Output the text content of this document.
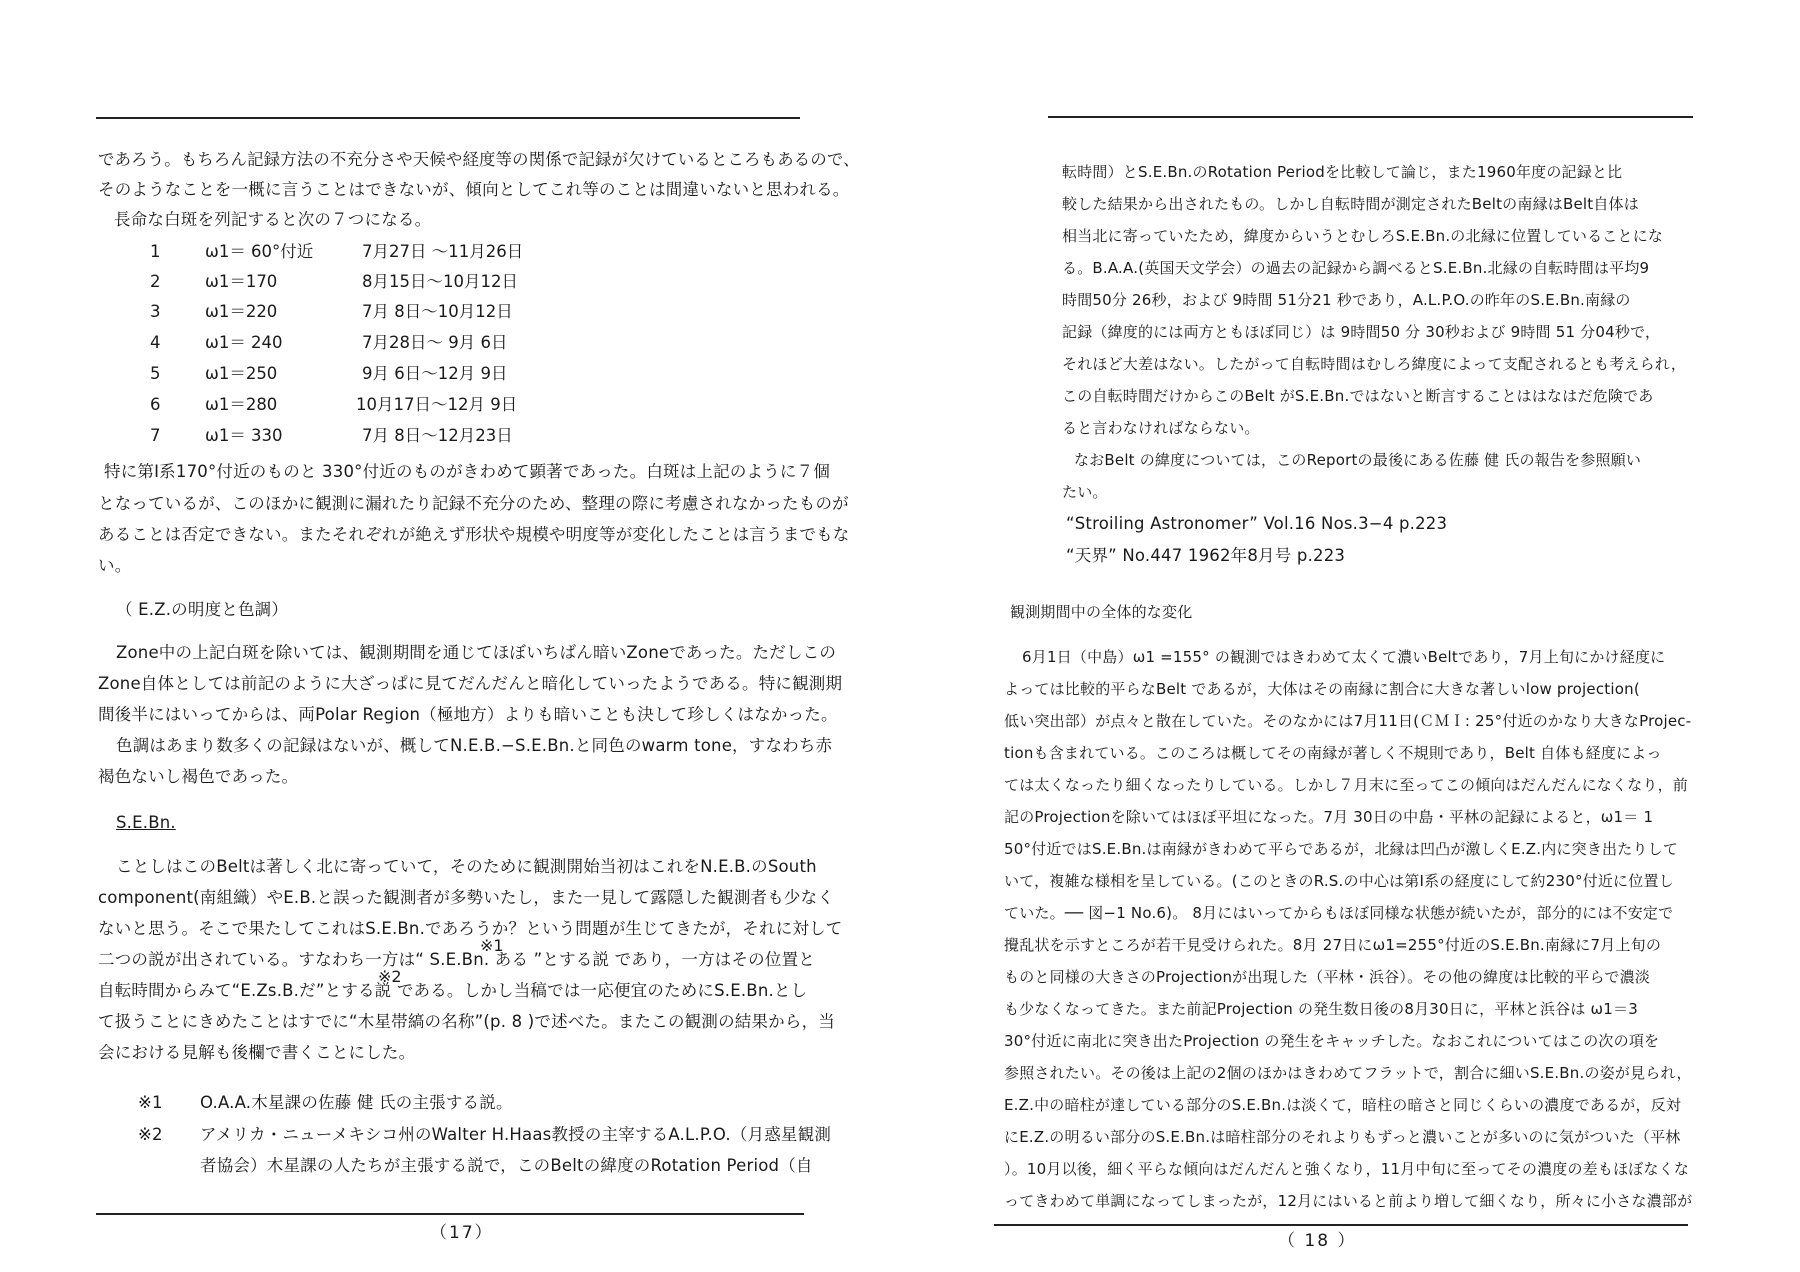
であろう。もちろん記録方法の不充分さや天候や経度等の関係で記録が欠けているところもあるので、
そのようなことを一概に言うことはできないが、傾向としてこれ等のことは間違いないと思われる。
長命な白斑を列記すると次の７つになる。
1	ω1＝ 60°付近	7月27日 〜11月26日
2	ω1＝170	8月15日〜10月12日
3	ω1＝220	7月 8日〜10月12日
4	ω1＝ 240	7月28日〜 9月 6日
5	ω1＝250	9月 6日〜12月 9日
6	ω1＝280	10月17日〜12月 9日
7	ω1＝ 330	7月 8日〜12月23日
特に第Ⅰ系170°付近のものと 330°付近のものがきわめて顕著であった。白斑は上記のように７個
となっているが、このほかに観測に漏れたり記録不充分のため、整理の際に考慮されなかったものが
あることは否定できない。またそれぞれが絶えず形状や規模や明度等が変化したことは言うまでもな
い。
（ E.Z.の明度と色調）
Zone中の上記白斑を除いては、観測期間を通じてほぼいちばん暗いZoneであった。ただしこの
Zone自体としては前記のように大ざっぱに見てだんだんと暗化していったようである。特に観測期
間後半にはいってからは、両Polar Region（極地方）よりも暗いことも決して珍しくはなかった。
色調はあまり数多くの記録はないが、概してN.E.B.−S.E.Bn.と同色のwarm tone，すなわち赤
褐色ないし褐色であった。
S.E.Bn.
ことしはこのBeltは著しく北に寄っていて，そのために観測開始当初はこれをN.E.B.のSouth
component(南組織）やE.B.と誤った観測者が多勢いたし，また一見して露隠した観測者も少なく
ないと思う。そこで果たしてこれはS.E.Bn.であろうか？という問題が生じてきたが，それに対して
二つの説が出されている。すなわち一方は“ S.E.Bn. ある ”とする説 であり，一方はその位置と
自転時間からみて“E.Zs.B.だ”とする説 である。しかし当稿では一応便宜のためにS.E.Bn.とし
て扱うことにきめたことはすでに“木星帯縞の名称”(p. 8 )で述べた。またこの観測の結果から，当
会における見解も後欄で書くことにした。
※1
※2
※1 O.A.A.木星課の佐藤 健 氏の主張する説。
※2 アメリカ・ニューメキシコ州のWalter H.Haas教授の主宰するA.L.P.O.（月惑星観測
者協会）木星課の人たちが主張する説で，このBeltの緯度のRotation Period（自
（17）
転時間）とS.E.Bn.のRotation Periodを比較して論じ，また1960年度の記録と比
較した結果から出されたもの。しかし自転時間が測定されたBeltの南縁はBelt自体は
相当北に寄っていたため，緯度からいうとむしろS.E.Bn.の北縁に位置していることにな
る。B.A.A.(英国天文学会）の過去の記録から調べるとS.E.Bn.北縁の自転時間は平均9
時間50分 26秒，および 9時間 51分21 秒であり，A.L.P.O.の昨年のS.E.Bn.南縁の
記録（緯度的には両方ともほぼ同じ）は 9時間50 分 30秒および 9時間 51 分04秒で，
それほど大差はない。したがって自転時間はむしろ緯度によって支配されるとも考えられ，
この自転時間だけからこのBelt がS.E.Bn.ではないと断言することははなはだ危険であ
ると言わなければならない。
なおBelt の緯度については，このReportの最後にある佐藤 健 氏の報告を参照願い
たい。
“Stroiling Astronomer” Vol.16 Nos.3−4 p.223
“天界” No.447 1962年8月号 p.223
観測期間中の全体的な変化
6月1日（中島）ω1 =155° の観測ではきわめて太くて濃いBeltであり，7月上旬にかけ経度に
よっては比較的平らなBelt であるが，大体はその南縁に割合に大きな著しいlow projection(
低い突出部）が点々と散在していた。そのなかには7月11日(ＣＭＩ: 25°付近のかなり大きなProjec-
tionも含まれている。このころは概してその南縁が著しく不規則であり，Belt 自体も経度によっ
ては太くなったり細くなったりしている。しかし７月末に至ってこの傾向はだんだんになくなり，前
記のProjectionを除いてはほぼ平坦になった。7月 30日の中島・平林の記録によると，ω1＝ 1
50°付近ではS.E.Bn.は南縁がきわめて平らであるが，北縁は凹凸が激しくE.Z.内に突き出たりして
いて，複雑な様相を呈している。(このときのR.S.の中心は第Ⅰ系の経度にして約230°付近に位置し
ていた。── 図−1 No.6)。 8月にはいってからもほぼ同様な状態が続いたが，部分的には不安定で
攪乱状を示すところが若干見受けられた。8月 27日にω1=255°付近のS.E.Bn.南縁に7月上旬の
ものと同様の大きさのProjectionが出現した（平林・浜谷）。その他の緯度は比較的平らで濃淡
も少なくなってきた。また前記Projection の発生数日後の8月30日に，平林と浜谷は ω1＝3
30°付近に南北に突き出たProjection の発生をキャッチした。なおこれについてはこの次の項を
参照されたい。その後は上記の2個のほかはきわめてフラットで，割合に細いS.E.Bn.の姿が見られ，
E.Z.中の暗柱が達している部分のS.E.Bn.は淡くて，暗柱の暗さと同じくらいの濃度であるが，反対
にE.Z.の明るい部分のS.E.Bn.は暗柱部分のそれよりもずっと濃いことが多いのに気がついた（平林
）。10月以後，細く平らな傾向はだんだんと強くなり，11月中旬に至ってその濃度の差もほぼなくな
ってきわめて単調になってしまったが，12月にはいると前より増して細くなり，所々に小さな濃部が
（ 18 ）
